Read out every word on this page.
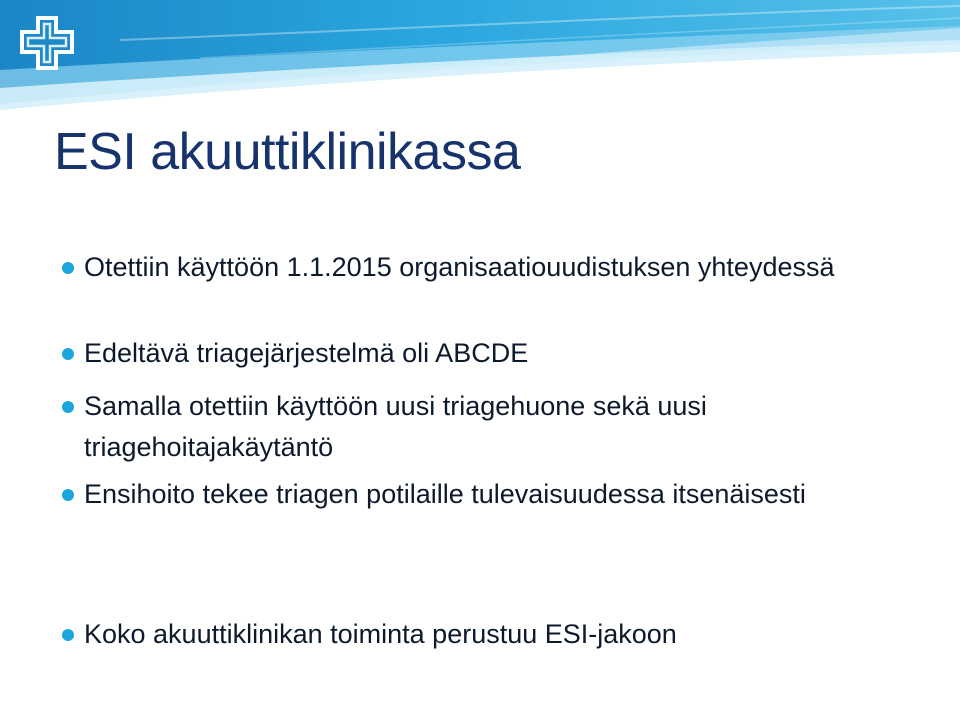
ESI akuuttiklinikassa
Otettiin käyttöön 1.1.2015 organisaatiouudistuksen yhteydessä
Edeltävä triagejärjestelmä oli ABCDE
Samalla otettiin käyttöön uusi triagehuone sekä uusi triagehoitajakäytäntö
Ensihoito tekee triagen potilaille tulevaisuudessa itsenäisesti
Koko akuuttiklinikan toiminta perustuu ESI-jakoon
